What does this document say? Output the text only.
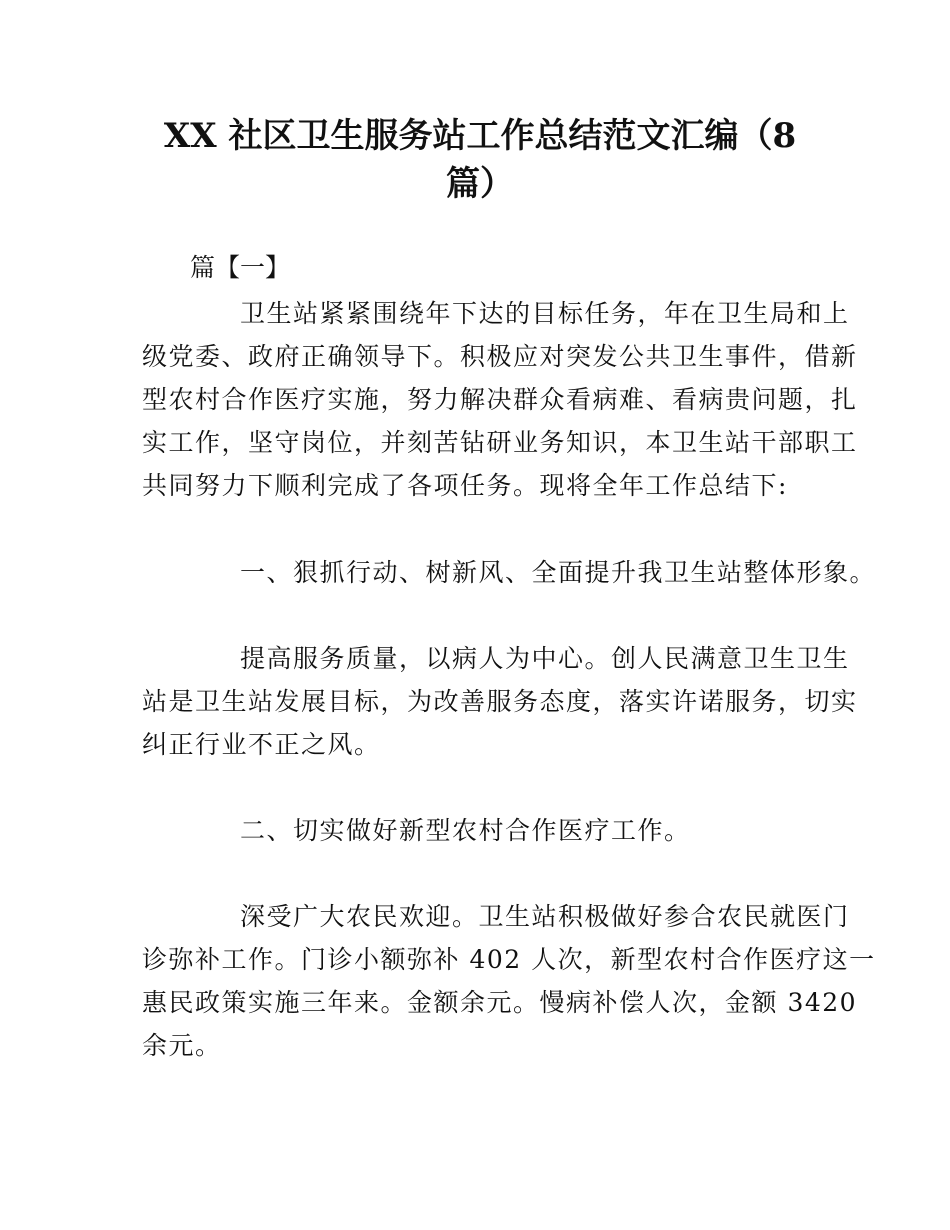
XX 社区卫生服务站工作总结范文汇编（8
篇）
篇【一】
卫生站紧紧围绕年下达的目标任务，年在卫生局和上
级党委、政府正确领导下。积极应对突发公共卫生事件，借新
型农村合作医疗实施，努力解决群众看病难、看病贵问题，扎
实工作，坚守岗位，并刻苦钻研业务知识，本卫生站干部职工
共同努力下顺利完成了各项任务。现将全年工作总结下:
一、狠抓行动、树新风、全面提升我卫生站整体形象。
提高服务质量，以病人为中心。创人民满意卫生卫生
站是卫生站发展目标，为改善服务态度，落实许诺服务，切实
纠正行业不正之风。
二、切实做好新型农村合作医疗工作。
深受广大农民欢迎。卫生站积极做好参合农民就医门
诊弥补工作。门诊小额弥补 402 人次，新型农村合作医疗这一
惠民政策实施三年来。金额余元。慢病补偿人次，金额 3420
余元。
